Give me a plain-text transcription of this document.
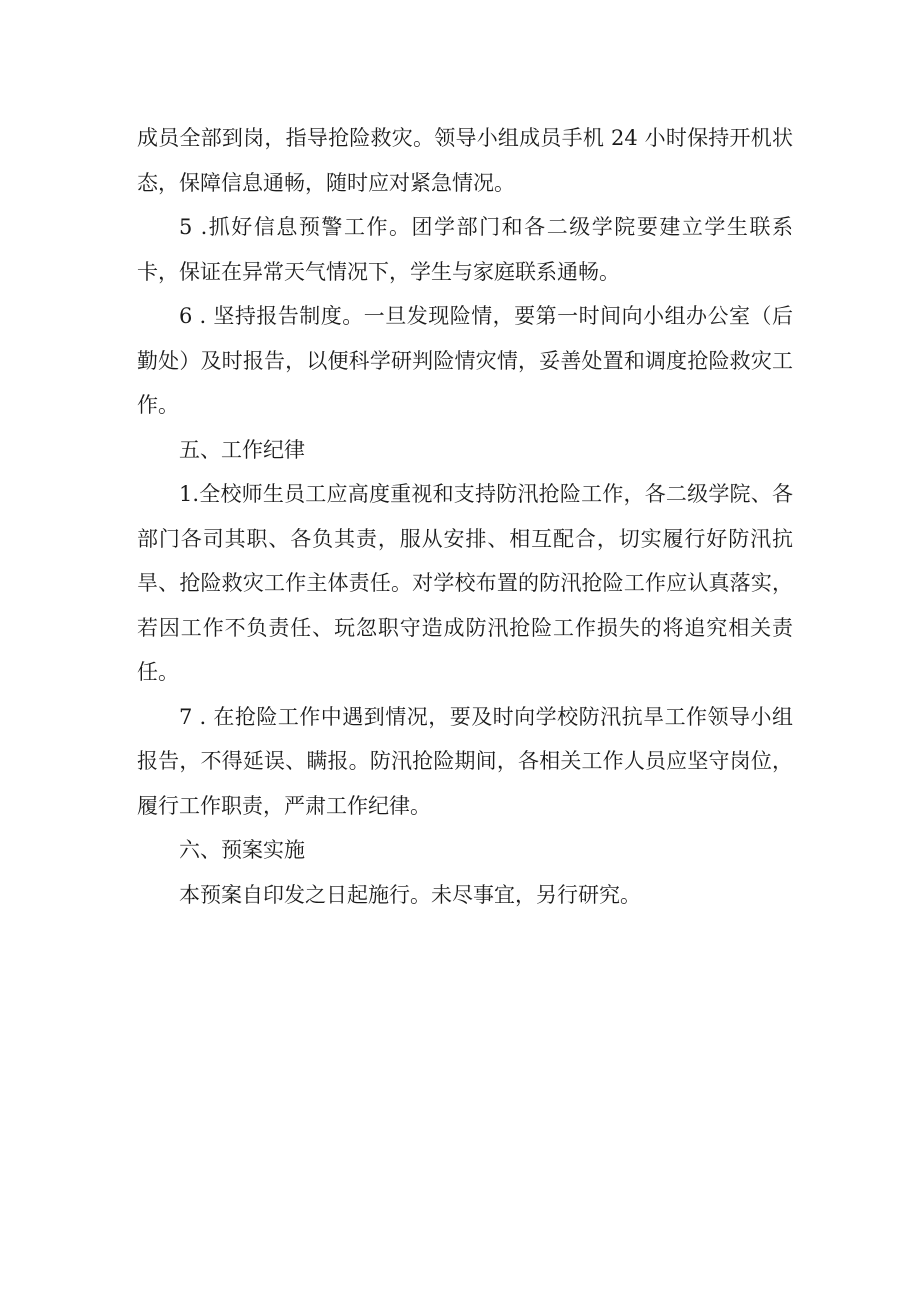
成员全部到岗，指导抢险救灾。领导小组成员手机 24 小时保持开机状态，保障信息通畅，随时应对紧急情况。

5 .抓好信息预警工作。团学部门和各二级学院要建立学生联系卡，保证在异常天气情况下，学生与家庭联系通畅。

6 . 坚持报告制度。一旦发现险情，要第一时间向小组办公室（后勤处）及时报告，以便科学研判险情灾情，妥善处置和调度抢险救灾工作。

五、工作纪律

1.全校师生员工应高度重视和支持防汛抢险工作，各二级学院、各部门各司其职、各负其责，服从安排、相互配合，切实履行好防汛抗旱、抢险救灾工作主体责任。对学校布置的防汛抢险工作应认真落实，若因工作不负责任、玩忽职守造成防汛抢险工作损失的将追究相关责任。

7 . 在抢险工作中遇到情况，要及时向学校防汛抗旱工作领导小组报告，不得延误、瞒报。防汛抢险期间，各相关工作人员应坚守岗位，履行工作职责，严肃工作纪律。

六、预案实施

本预案自印发之日起施行。未尽事宜，另行研究。
